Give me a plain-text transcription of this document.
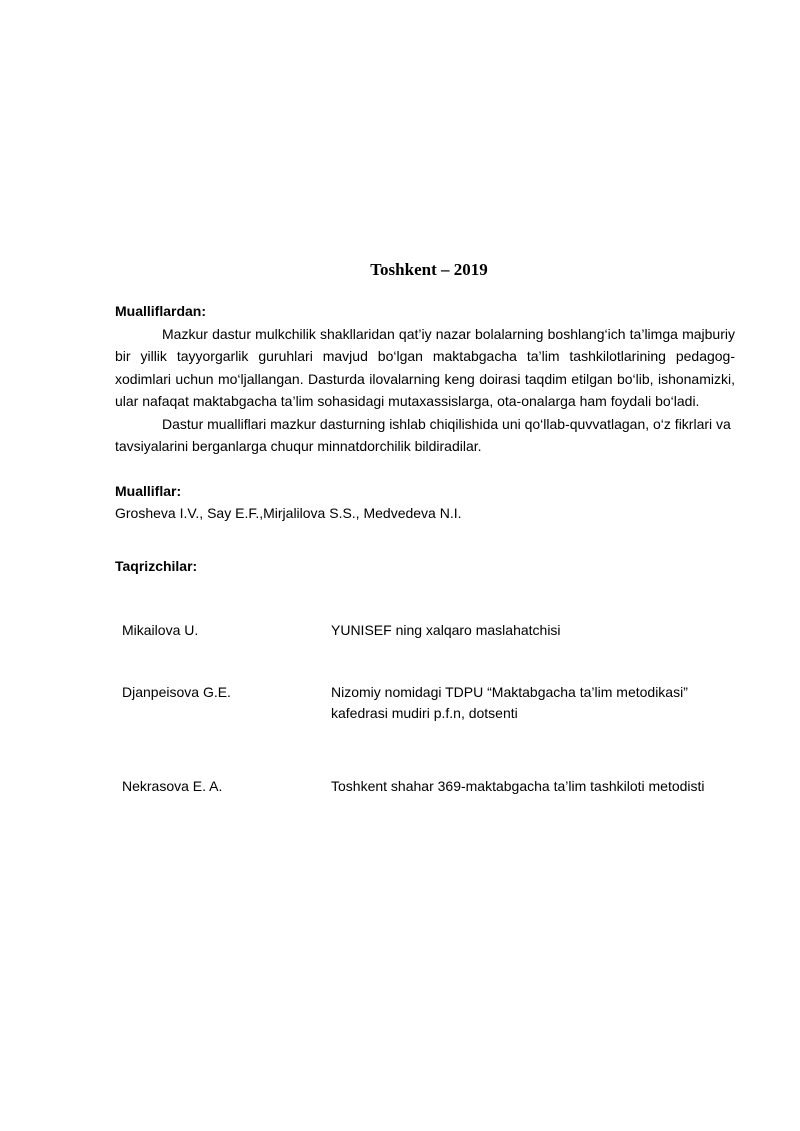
Toshkent – 2019

Mualliflardan:

Mazkur dastur mulkchilik shakllaridan qat’iy nazar bolalarning boshlang‘ich ta’limga majburiy bir yillik tayyorgarlik guruhlari mavjud bo‘lgan maktabgacha ta’lim tashkilotlarining pedagog-xodimlari uchun mo‘ljallangan. Dasturda ilovalarning keng doirasi taqdim etilgan bo‘lib, ishonamizki, ular nafaqat maktabgacha ta’lim sohasidagi mutaxassislarga, ota-onalarga ham foydali bo‘ladi.

Dastur mualliflari mazkur dasturning ishlab chiqilishida uni qo‘llab-quvvatlagan, o‘z fikrlari va tavsiyalarini berganlarga chuqur minnatdorchilik bildiradilar.

Mualliflar:

Grosheva I.V., Say E.F.,Mirjalilova S.S., Medvedeva N.I.

Taqrizchilar:

Mikailova U.	YUNISEF ning xalqaro maslahatchisi
Djanpeisova G.E.	Nizomiy nomidagi TDPU “Maktabgacha ta’lim metodikasi” kafedrasi mudiri p.f.n, dotsenti
Nekrasova E. A.	Toshkent shahar 369-maktabgacha ta’lim tashkiloti metodisti
